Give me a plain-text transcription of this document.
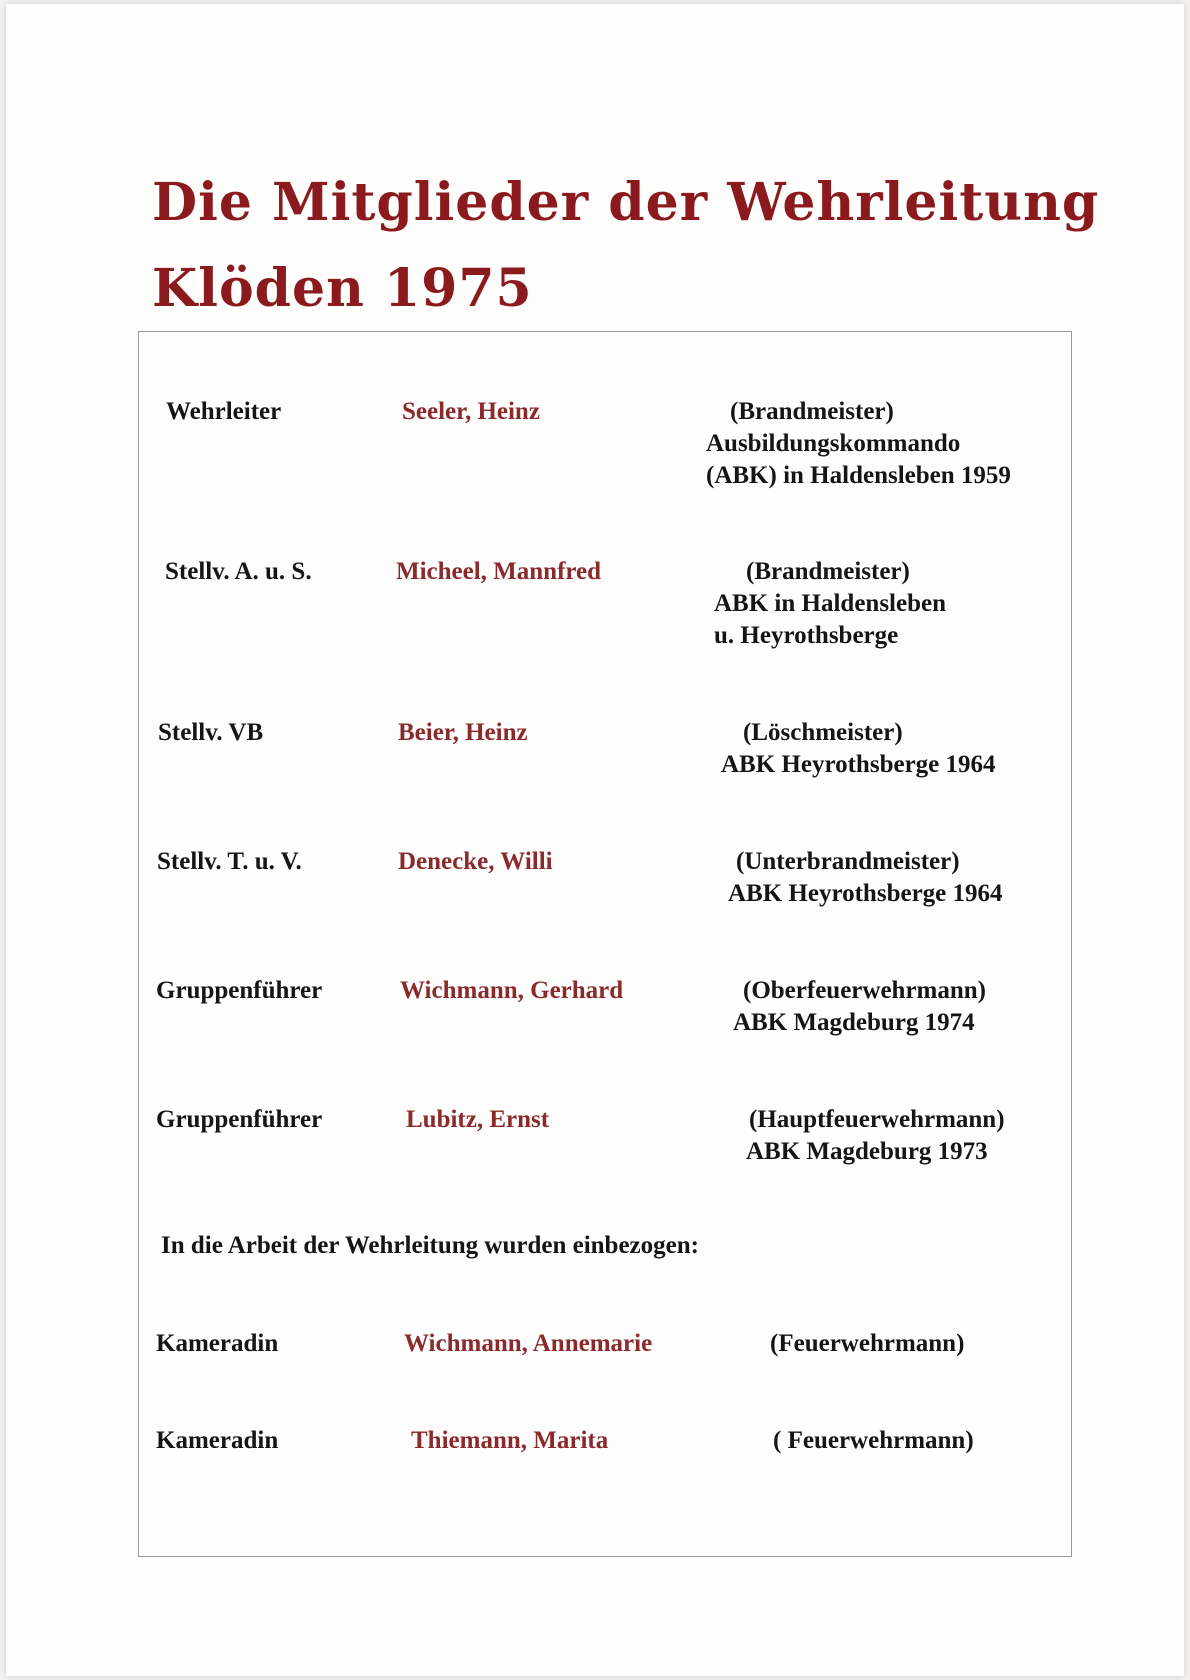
Die Mitglieder der Wehrleitung
Klöden 1975
Wehrleiter	Seeler, Heinz	(Brandmeister)
Ausbildungskommando
(ABK) in Haldensleben 1959
Stellv. A. u. S.	Micheel, Mannfred	(Brandmeister)
ABK in Haldensleben
u. Heyrothsberge
Stellv. VB	Beier, Heinz	(Löschmeister)
ABK Heyrothsberge 1964
Stellv. T. u. V.	Denecke, Willi	(Unterbrandmeister)
ABK Heyrothsberge 1964
Gruppenführer	Wichmann, Gerhard	(Oberfeuerwehrmann)
ABK Magdeburg 1974
Gruppenführer	Lubitz, Ernst	(Hauptfeuerwehrmann)
ABK Magdeburg 1973
In die Arbeit der Wehrleitung wurden einbezogen:
Kameradin	Wichmann, Annemarie	(Feuerwehrmann)
Kameradin	Thiemann, Marita	( Feuerwehrmann)
